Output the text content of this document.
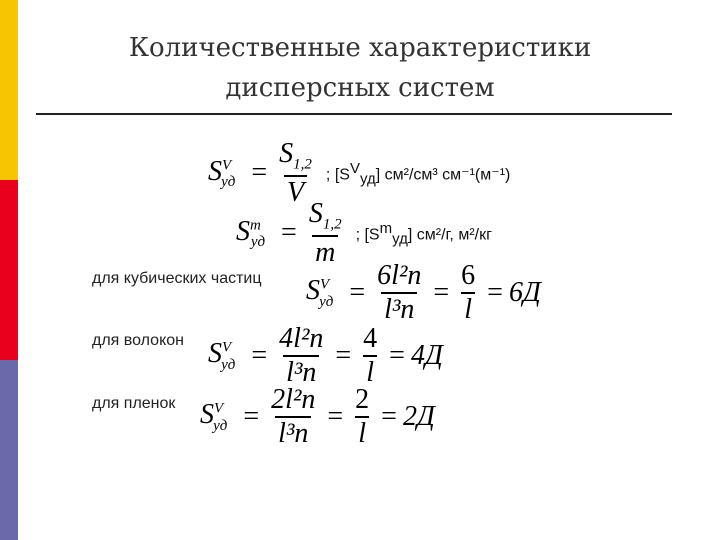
Количественные характеристики
дисперсных систем
$S^V_{уд} = \frac{S_{1,2}}{V}$ ; [SVуд] см²/см³ см⁻¹(м⁻¹)
$S^m_{уд} = \frac{S_{1,2}}{m}$ ; [Smуд] см²/г, м²/кг
для кубических частиц $S^V_{уд} = \frac{\text{6l²n}}{\text{l³n}} = \frac{6}{l} = 6Д$
для волокон $S^V_{уд} = \frac{\text{4l²n}}{\text{l³n}} = \frac{4}{l} = 4Д$
для пленок $S^V_{уд} = \frac{\text{2l²n}}{\text{l³n}} = \frac{2}{l} = 2Д$
